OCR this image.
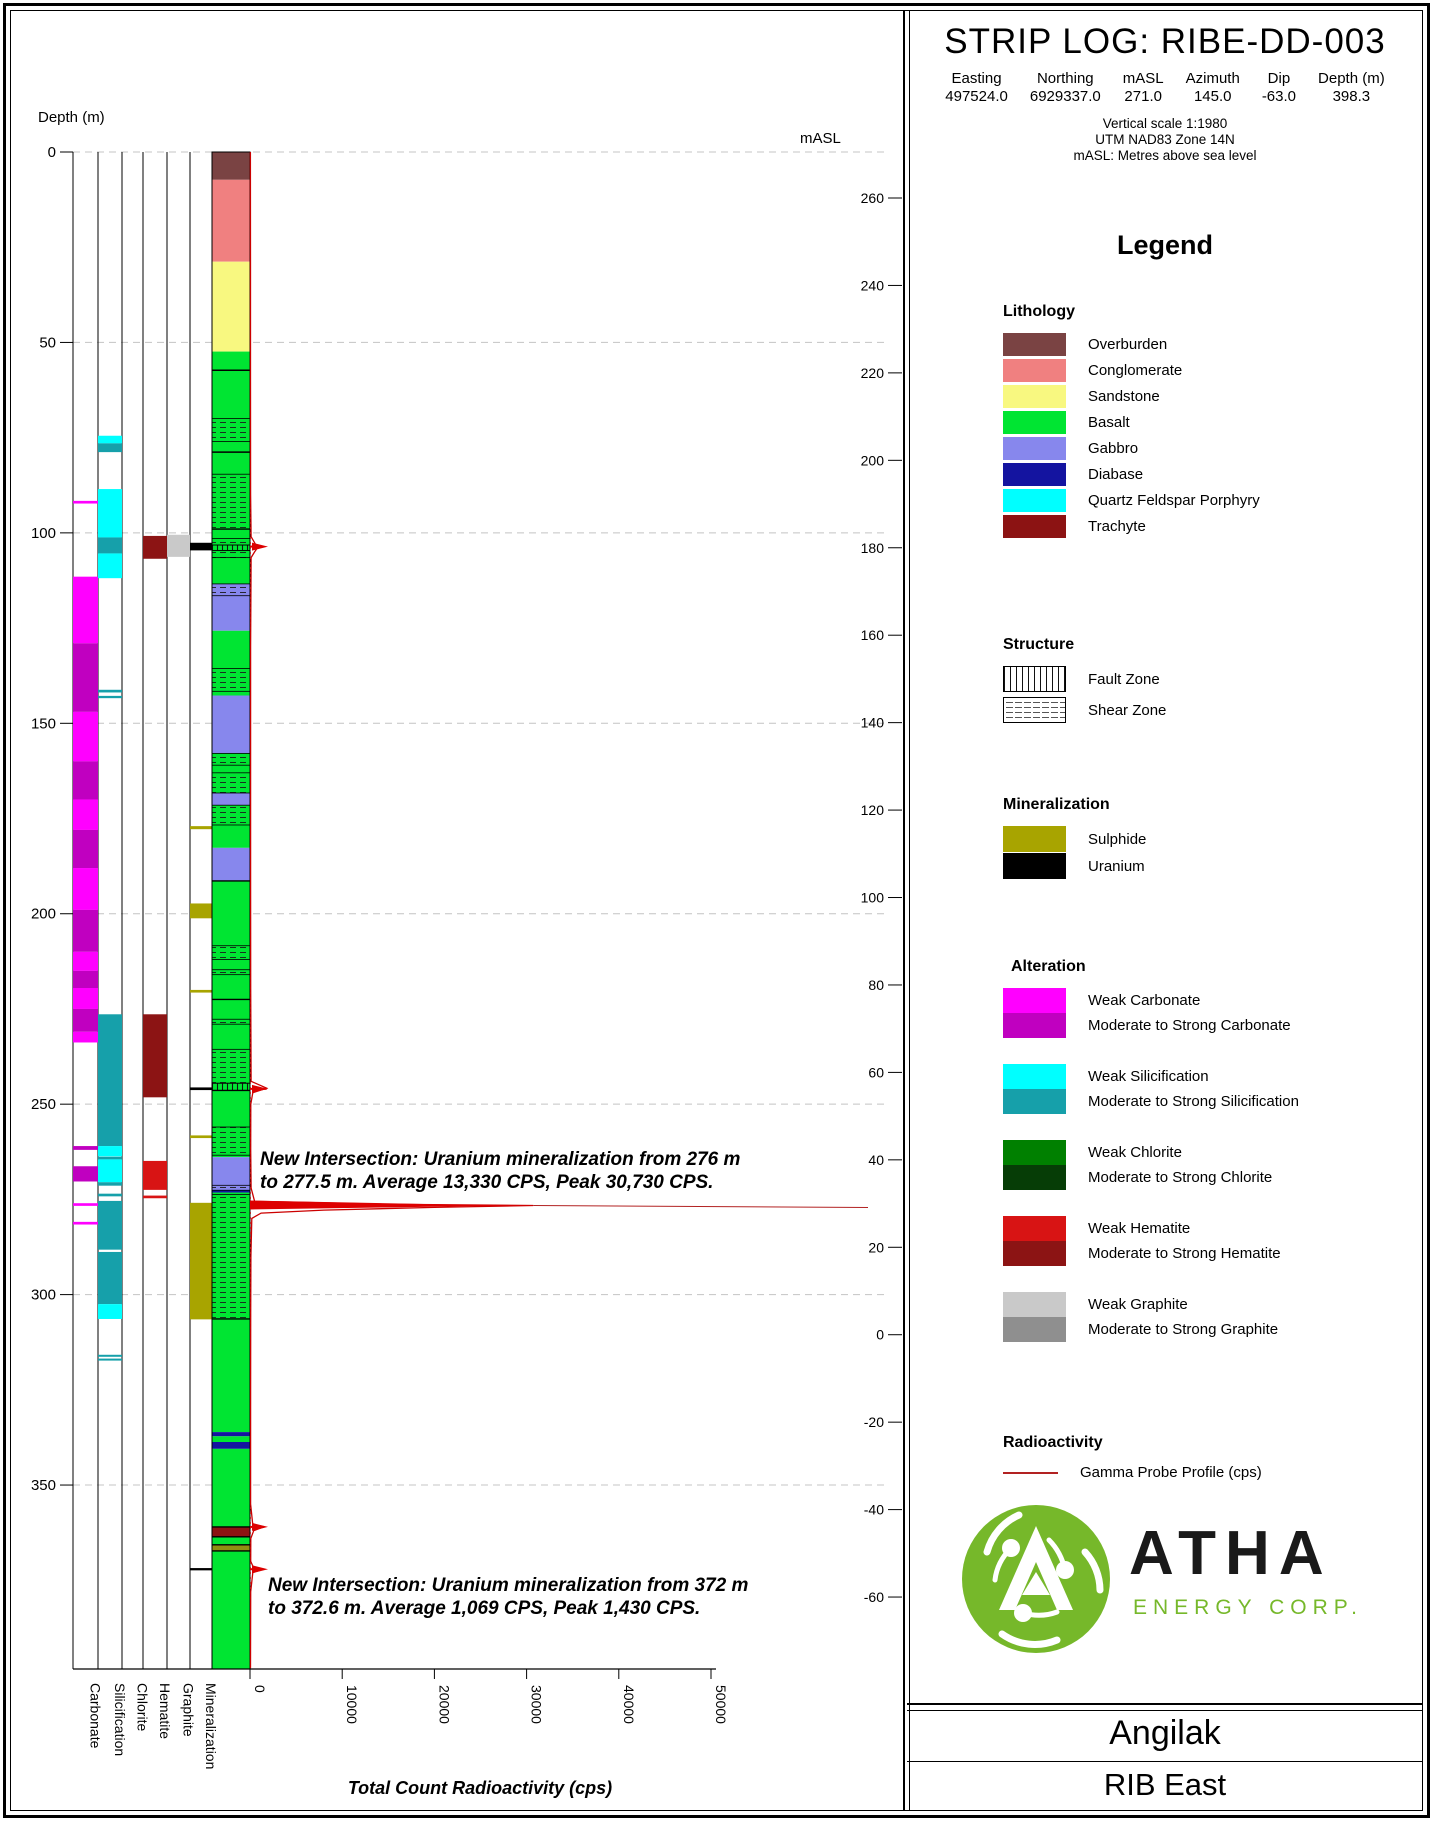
Depth (m)
0
50
100
150
200
250
300
350
mASL
260
240
220
200
180
160
140
120
100
80
60
40
20
0
-20
-40
-60
0	10000	20000	30000	40000	50000
Carbonate Silicification Chlorite Hematite Graphite Mineralization
New Intersection: Uranium mineralization from 276 m
to 277.5 m. Average 13,330 CPS, Peak 30,730 CPS.
New Intersection: Uranium mineralization from 372 m
to 372.6 m. Average 1,069 CPS, Peak 1,430 CPS.
Total Count Radioactivity (cps)
STRIP LOG: RIBE-DD-003
Easting
497524.0
Northing
6929337.0
mASL
271.0
Azimuth
145.0
Dip
-63.0
Depth (m)
398.3
Vertical scale 1:1980
UTM NAD83 Zone 14N
mASL: Metres above sea level
Legend
Lithology
Overburden
Conglomerate
Sandstone
Basalt
Gabbro
Diabase
Quartz Feldspar Porphyry
Trachyte
Structure
Fault Zone
Shear Zone
Mineralization
Sulphide
Uranium
Alteration
Weak Carbonate
Moderate to Strong Carbonate
Weak Silicification
Moderate to Strong Silicification
Weak Chlorite
Moderate to Strong Chlorite
Weak Hematite
Moderate to Strong Hematite
Weak Graphite
Moderate to Strong Graphite
Radioactivity
Gamma Probe Profile (cps)
ATHA
ENERGY CORP.
Angilak
RIB East
